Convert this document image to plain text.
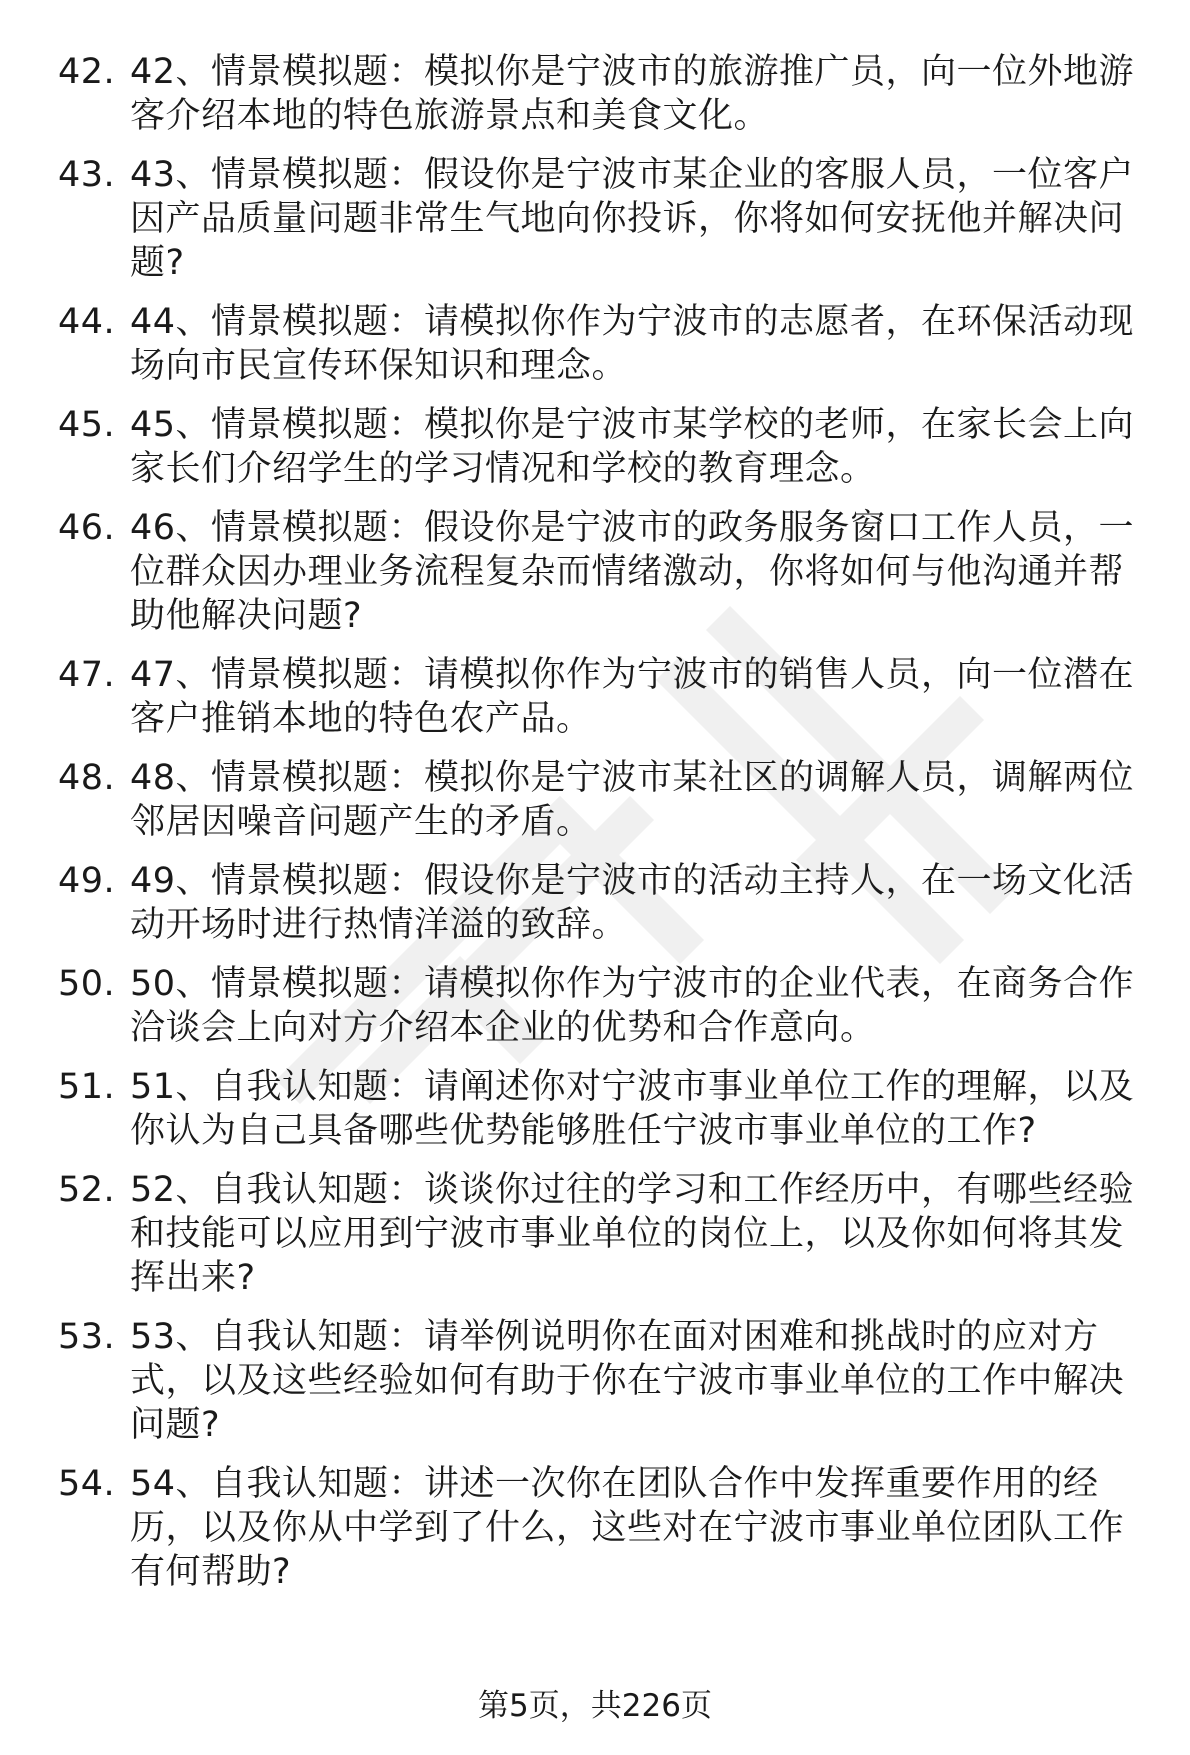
42. 42、情景模拟题：模拟你是宁波市的旅游推广员，向一位外地游客介绍本地的特色旅游景点和美食文化。
43. 43、情景模拟题：假设你是宁波市某企业的客服人员，一位客户因产品质量问题非常生气地向你投诉，你将如何安抚他并解决问题?
44. 44、情景模拟题：请模拟你作为宁波市的志愿者，在环保活动现场向市民宣传环保知识和理念。
45. 45、情景模拟题：模拟你是宁波市某学校的老师，在家长会上向家长们介绍学生的学习情况和学校的教育理念。
46. 46、情景模拟题：假设你是宁波市的政务服务窗口工作人员，一位群众因办理业务流程复杂而情绪激动，你将如何与他沟通并帮助他解决问题?
47. 47、情景模拟题：请模拟你作为宁波市的销售人员，向一位潜在客户推销本地的特色农产品。
48. 48、情景模拟题：模拟你是宁波市某社区的调解人员，调解两位邻居因噪音问题产生的矛盾。
49. 49、情景模拟题：假设你是宁波市的活动主持人，在一场文化活动开场时进行热情洋溢的致辞。
50. 50、情景模拟题：请模拟你作为宁波市的企业代表，在商务合作洽谈会上向对方介绍本企业的优势和合作意向。
51. 51、自我认知题：请阐述你对宁波市事业单位工作的理解，以及你认为自己具备哪些优势能够胜任宁波市事业单位的工作?
52. 52、自我认知题：谈谈你过往的学习和工作经历中，有哪些经验和技能可以应用到宁波市事业单位的岗位上，以及你如何将其发挥出来?
53. 53、自我认知题：请举例说明你在面对困难和挑战时的应对方式，以及这些经验如何有助于你在宁波市事业单位的工作中解决问题?
54. 54、自我认知题：讲述一次你在团队合作中发挥重要作用的经历，以及你从中学到了什么，这些对在宁波市事业单位团队工作有何帮助?
第5页，共226页
